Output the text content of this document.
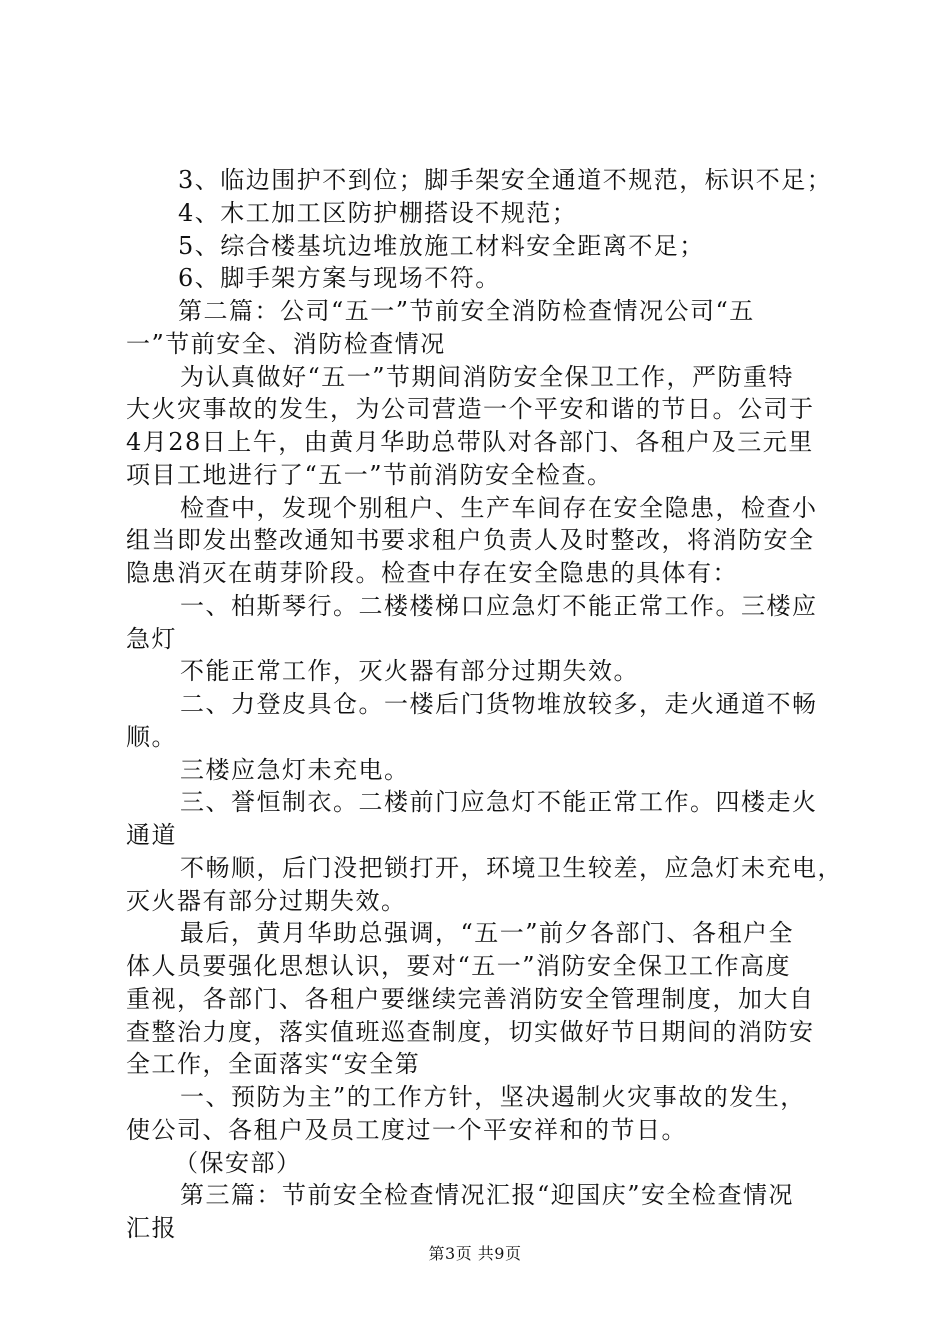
3、临边围护不到位；脚手架安全通道不规范，标识不足；
4、木工加工区防护棚搭设不规范；
5、综合楼基坑边堆放施工材料安全距离不足；
6、脚手架方案与现场不符。
第二篇：公司“五一”节前安全消防检查情况公司“五
一”节前安全、消防检查情况
为认真做好“五一”节期间消防安全保卫工作，严防重特
大火灾事故的发生，为公司营造一个平安和谐的节日。公司于
4月28日上午，由黄月华助总带队对各部门、各租户及三元里
项目工地进行了“五一”节前消防安全检查。
检查中，发现个别租户、生产车间存在安全隐患，检查小
组当即发出整改通知书要求租户负责人及时整改，将消防安全
隐患消灭在萌芽阶段。检查中存在安全隐患的具体有：
一、柏斯琴行。二楼楼梯口应急灯不能正常工作。三楼应
急灯
不能正常工作，灭火器有部分过期失效。
二、力登皮具仓。一楼后门货物堆放较多，走火通道不畅
顺。
三楼应急灯未充电。
三、誉恒制衣。二楼前门应急灯不能正常工作。四楼走火
通道
不畅顺，后门没把锁打开，环境卫生较差，应急灯未充电，
灭火器有部分过期失效。
最后，黄月华助总强调，“五一”前夕各部门、各租户全
体人员要强化思想认识，要对“五一”消防安全保卫工作高度
重视，各部门、各租户要继续完善消防安全管理制度，加大自
查整治力度，落实值班巡查制度，切实做好节日期间的消防安
全工作，全面落实“安全第
一、预防为主”的工作方针，坚决遏制火灾事故的发生，
使公司、各租户及员工度过一个平安祥和的节日。
（保安部）
第三篇：节前安全检查情况汇报“迎国庆”安全检查情况
汇报
第3页 共9页
